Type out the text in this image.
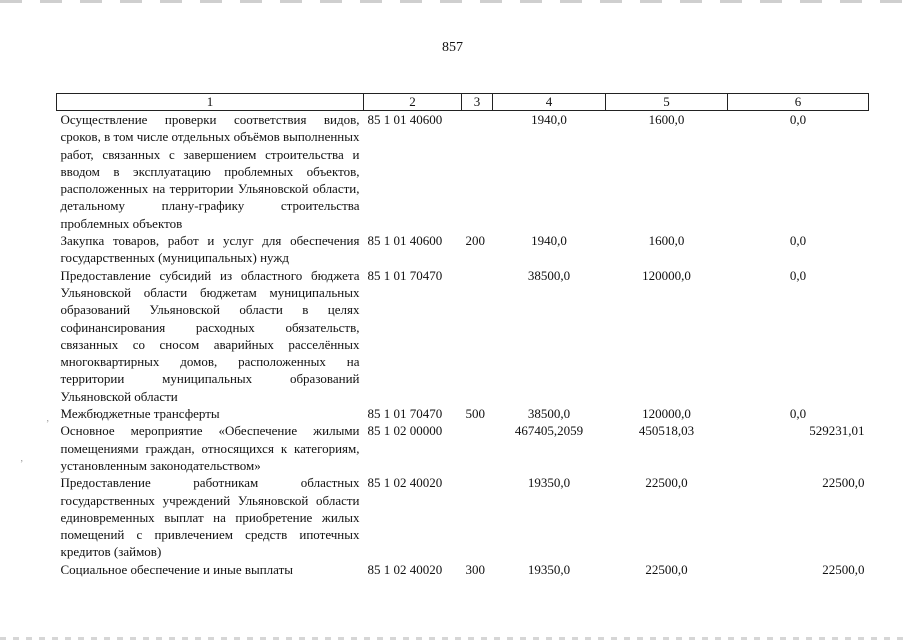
857
1	2	3	4	5	6

Осуществление проверки соответствия видов, сроков, в том числе отдельных объёмов выполненных работ, связанных с завершением строительства и вводом в эксплуатацию проблемных объектов, расположенных на территории Ульяновской области, детальному плану-графику строительства проблемных объектов	85 1 01 40600		1940,0	1600,0	0,0

Закупка товаров, работ и услуг для обеспечения государственных (муниципальных) нужд	85 1 01 40600	200	1940,0	1600,0	0,0

Предоставление субсидий из областного бюджета Ульяновской области бюджетам муниципальных образований Ульяновской области в целях софинансирования расходных обязательств, связанных со сносом аварийных расселённых многоквартирных домов, расположенных на территории муниципальных образований Ульяновской области	85 1 01 70470		38500,0	120000,0	0,0

Межбюджетные трансферты	85 1 01 70470	500	38500,0	120000,0	0,0

Основное мероприятие «Обеспечение жилыми помещениями граждан, относящихся к категориям, установленным законодательством»	85 1 02 00000		467405,2059	450518,03	529231,01

Предоставление работникам областных государственных учреждений Ульяновской области единовременных выплат на приобретение жилых помещений с привлечением средств ипотечных кредитов (займов)	85 1 02 40020		19350,0	22500,0	22500,0

Социальное обеспечение и иные выплаты	85 1 02 40020	300	19350,0	22500,0	22500,0
’
‚
